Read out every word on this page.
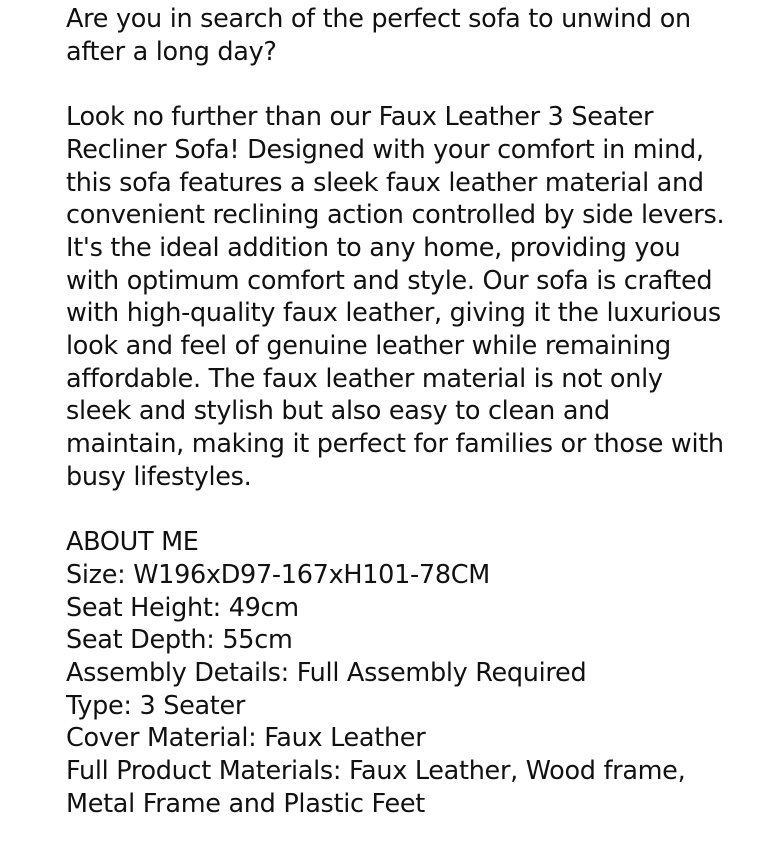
Are you in search of the perfect sofa to unwind on after a long day?

Look no further than our Faux Leather 3 Seater Recliner Sofa! Designed with your comfort in mind, this sofa features a sleek faux leather material and convenient reclining action controlled by side levers. It's the ideal addition to any home, providing you with optimum comfort and style. Our sofa is crafted with high-quality faux leather, giving it the luxurious look and feel of genuine leather while remaining affordable. The faux leather material is not only sleek and stylish but also easy to clean and maintain, making it perfect for families or those with busy lifestyles.

ABOUT ME
Size: W196xD97-167xH101-78CM
Seat Height: 49cm
Seat Depth: 55cm
Assembly Details: Full Assembly Required
Type: 3 Seater
Cover Material: Faux Leather
Full Product Materials: Faux Leather, Wood frame, Metal Frame and Plastic Feet
